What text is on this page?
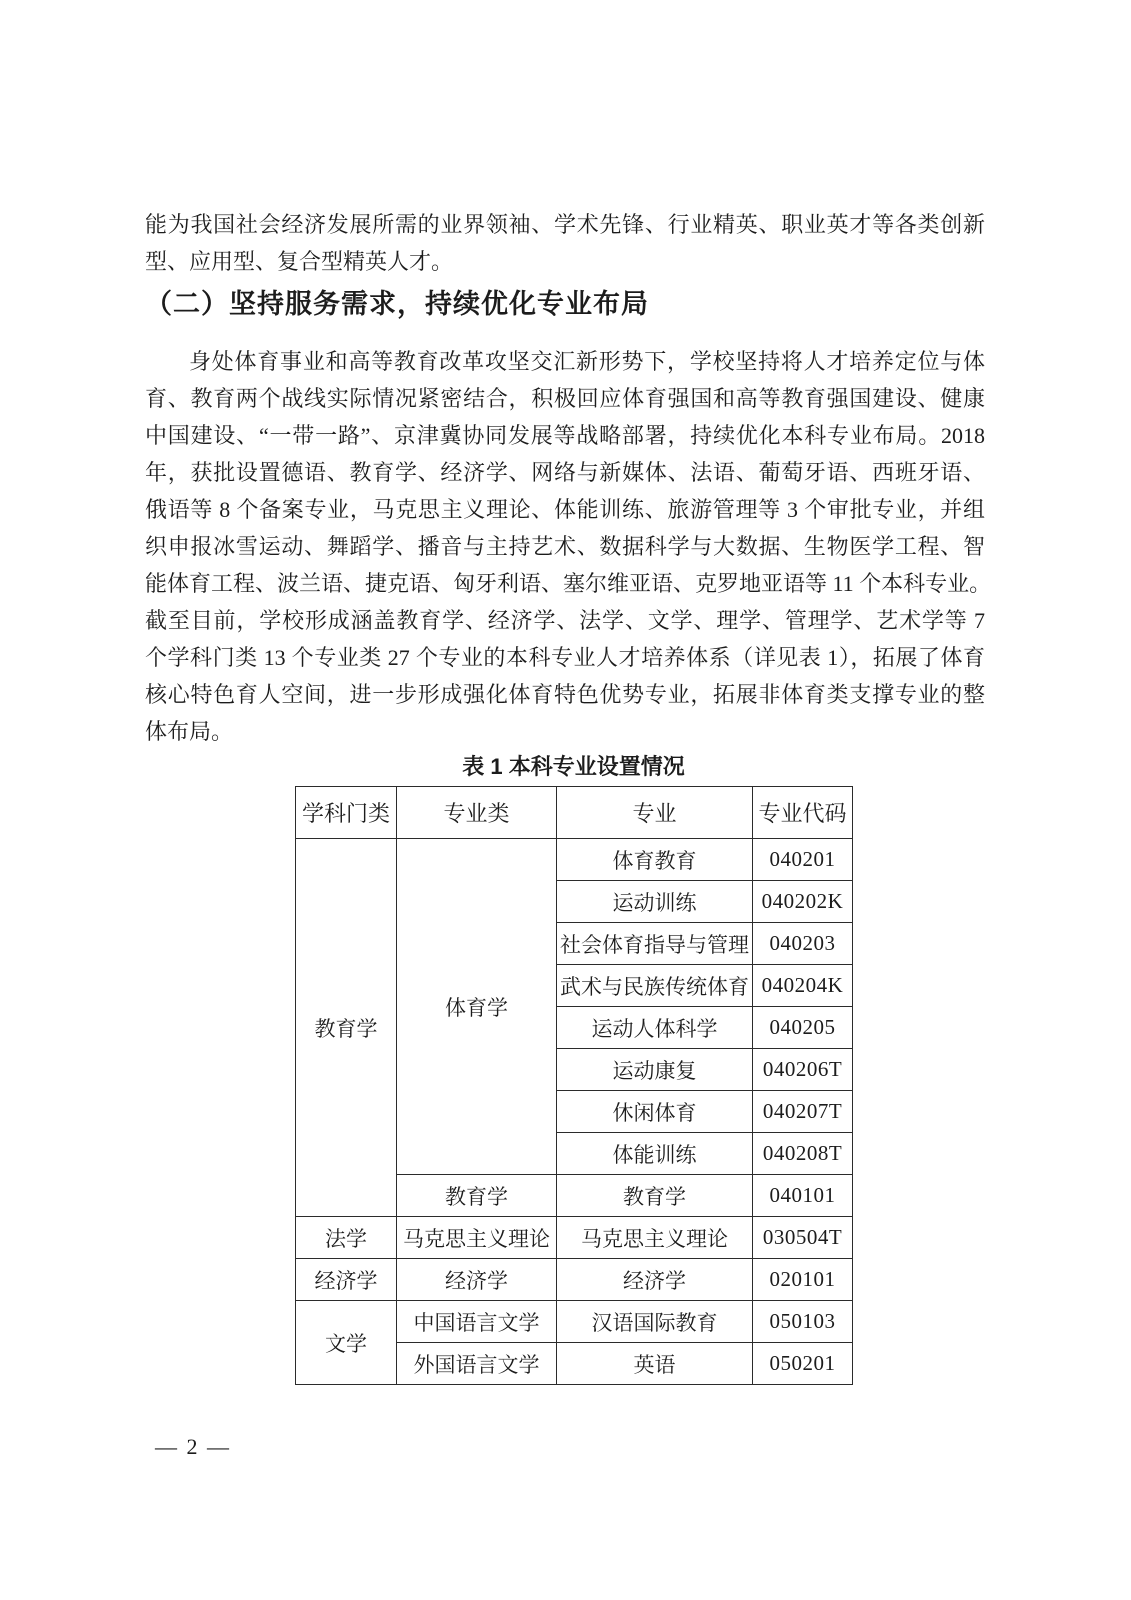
能为我国社会经济发展所需的业界领袖、学术先锋、行业精英、职业英才等各类创新
型、应用型、复合型精英人才。
（二）坚持服务需求，持续优化专业布局
身处体育事业和高等教育改革攻坚交汇新形势下，学校坚持将人才培养定位与体
育、教育两个战线实际情况紧密结合，积极回应体育强国和高等教育强国建设、健康
中国建设、“一带一路”、京津冀协同发展等战略部署，持续优化本科专业布局。2018
年，获批设置德语、教育学、经济学、网络与新媒体、法语、葡萄牙语、西班牙语、
俄语等 8 个备案专业，马克思主义理论、体能训练、旅游管理等 3 个审批专业，并组
织申报冰雪运动、舞蹈学、播音与主持艺术、数据科学与大数据、生物医学工程、智
能体育工程、波兰语、捷克语、匈牙利语、塞尔维亚语、克罗地亚语等 11 个本科专业。
截至目前，学校形成涵盖教育学、经济学、法学、文学、理学、管理学、艺术学等 7
个学科门类 13 个专业类 27 个专业的本科专业人才培养体系（详见表 1），拓展了体育
核心特色育人空间，进一步形成强化体育特色优势专业，拓展非体育类支撑专业的整
体布局。
表 1 本科专业设置情况
学科门类	专业类	专业	专业代码
教育学	体育学	体育教育	040201
		运动训练	040202K
		社会体育指导与管理	040203
		武术与民族传统体育	040204K
		运动人体科学	040205
		运动康复	040206T
		休闲体育	040207T
		体能训练	040208T
	教育学	教育学	040101
法学	马克思主义理论	马克思主义理论	030504T
经济学	经济学	经济学	020101
文学	中国语言文学	汉语国际教育	050103
	外国语言文学	英语	050201
— 2 —
